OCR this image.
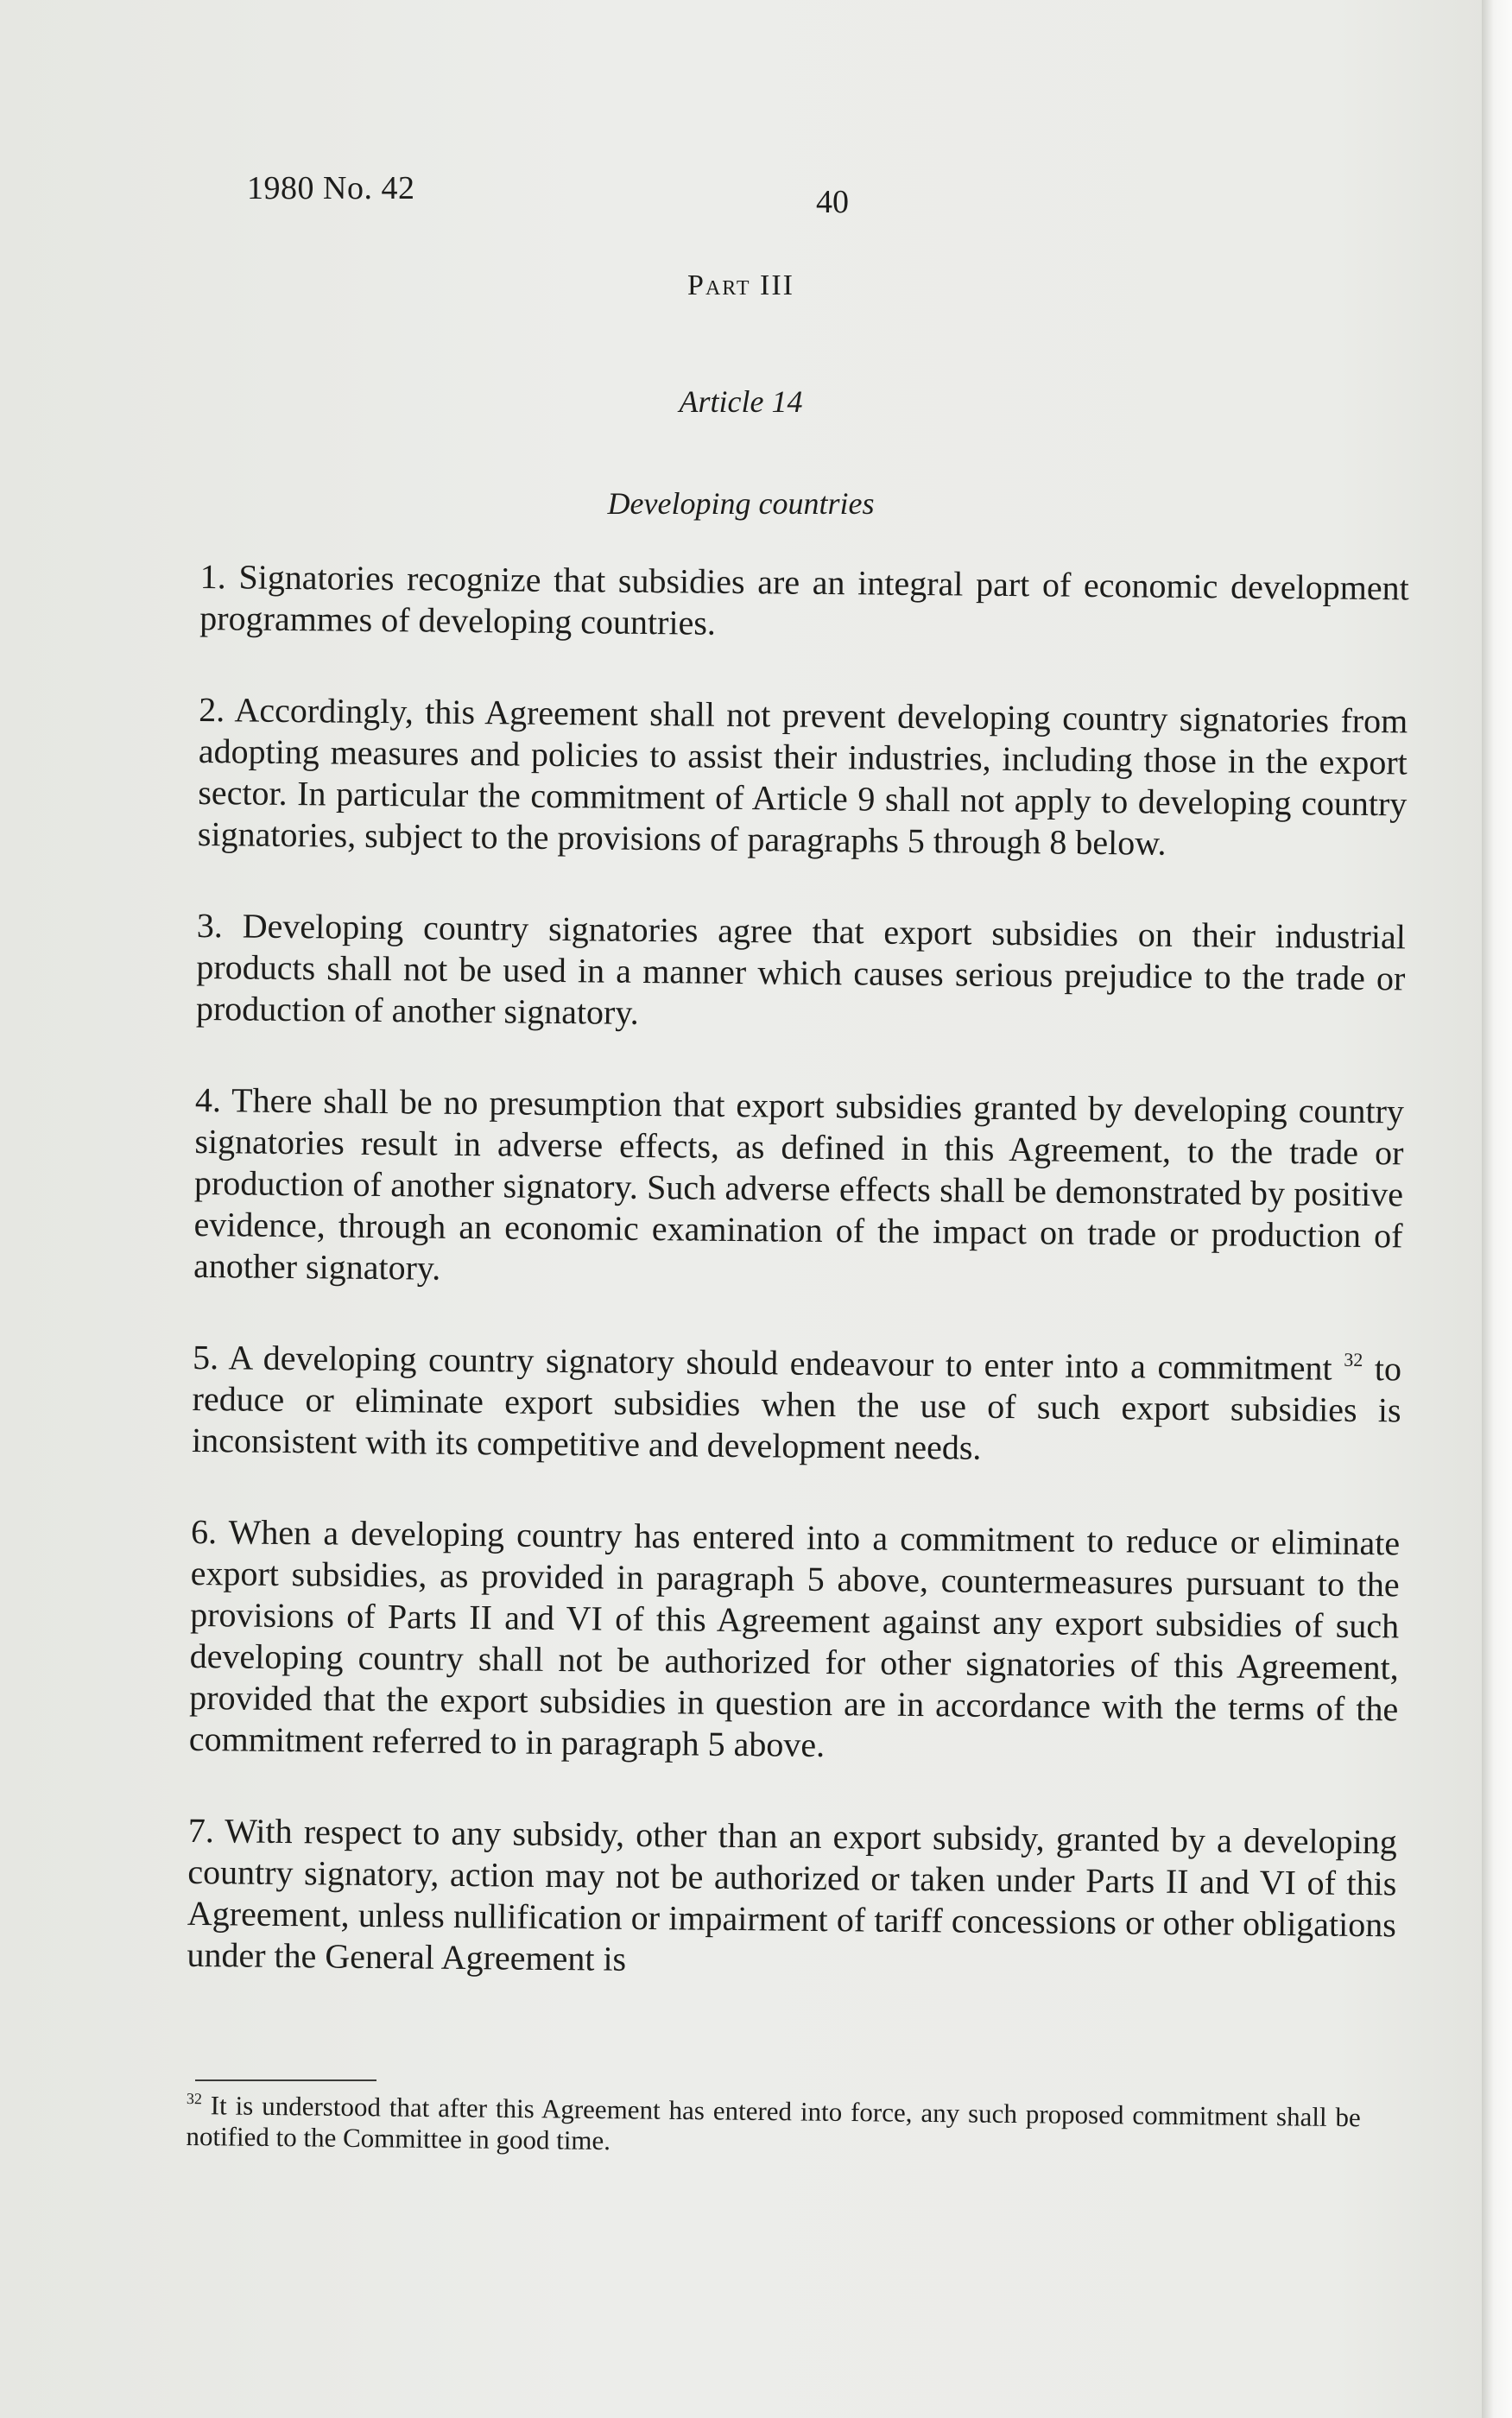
1980 No. 42	40
Part III
Article 14
Developing countries

1. Signatories recognize that subsidies are an integral part of economic development programmes of developing countries.

2. Accordingly, this Agreement shall not prevent developing country signatories from adopting measures and policies to assist their industries, including those in the export sector. In particular the commitment of Article 9 shall not apply to developing country signatories, subject to the provisions of paragraphs 5 through 8 below.

3. Developing country signatories agree that export subsidies on their industrial products shall not be used in a manner which causes serious prejudice to the trade or production of another signatory.

4. There shall be no presumption that export subsidies granted by developing country signatories result in adverse effects, as defined in this Agreement, to the trade or production of another signatory. Such adverse effects shall be demonstrated by positive evidence, through an economic examination of the impact on trade or production of another signatory.

5. A developing country signatory should endeavour to enter into a commitment $^{32}$ to reduce or eliminate export subsidies when the use of such export subsidies is inconsistent with its competitive and development needs.

6. When a developing country has entered into a commitment to reduce or eliminate export subsidies, as provided in paragraph 5 above, countermeasures pursuant to the provisions of Parts II and VI of this Agreement against any export subsidies of such developing country shall not be authorized for other signatories of this Agreement, provided that the export subsidies in question are in accordance with the terms of the commitment referred to in paragraph 5 above.

7. With respect to any subsidy, other than an export subsidy, granted by a developing country signatory, action may not be authorized or taken under Parts II and VI of this Agreement, unless nullification or impairment of tariff concessions or other obligations under the General Agreement is

$^{32}$ It is understood that after this Agreement has entered into force, any such proposed commitment shall be notified to the Committee in good time.
